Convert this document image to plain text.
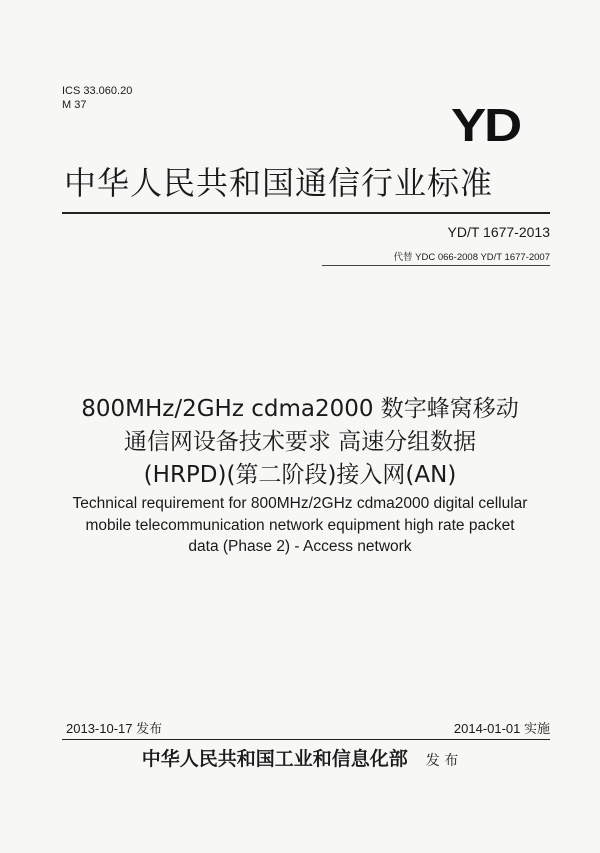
ICS 33.060.20
M 37	YD
中华人民共和国通信行业标准
YD/T 1677-2013
代替 YDC 066-2008 YD/T 1677-2007
800MHz/2GHz cdma2000 数字蜂窝移动
通信网设备技术要求 高速分组数据
(HRPD)(第二阶段)接入网(AN)
Technical requirement for 800MHz/2GHz cdma2000 digital cellular
mobile telecommunication network equipment high rate packet
data (Phase 2) - Access network
2013-10-17 发布	2014-01-01 实施
中华人民共和国工业和信息化部 发 布
